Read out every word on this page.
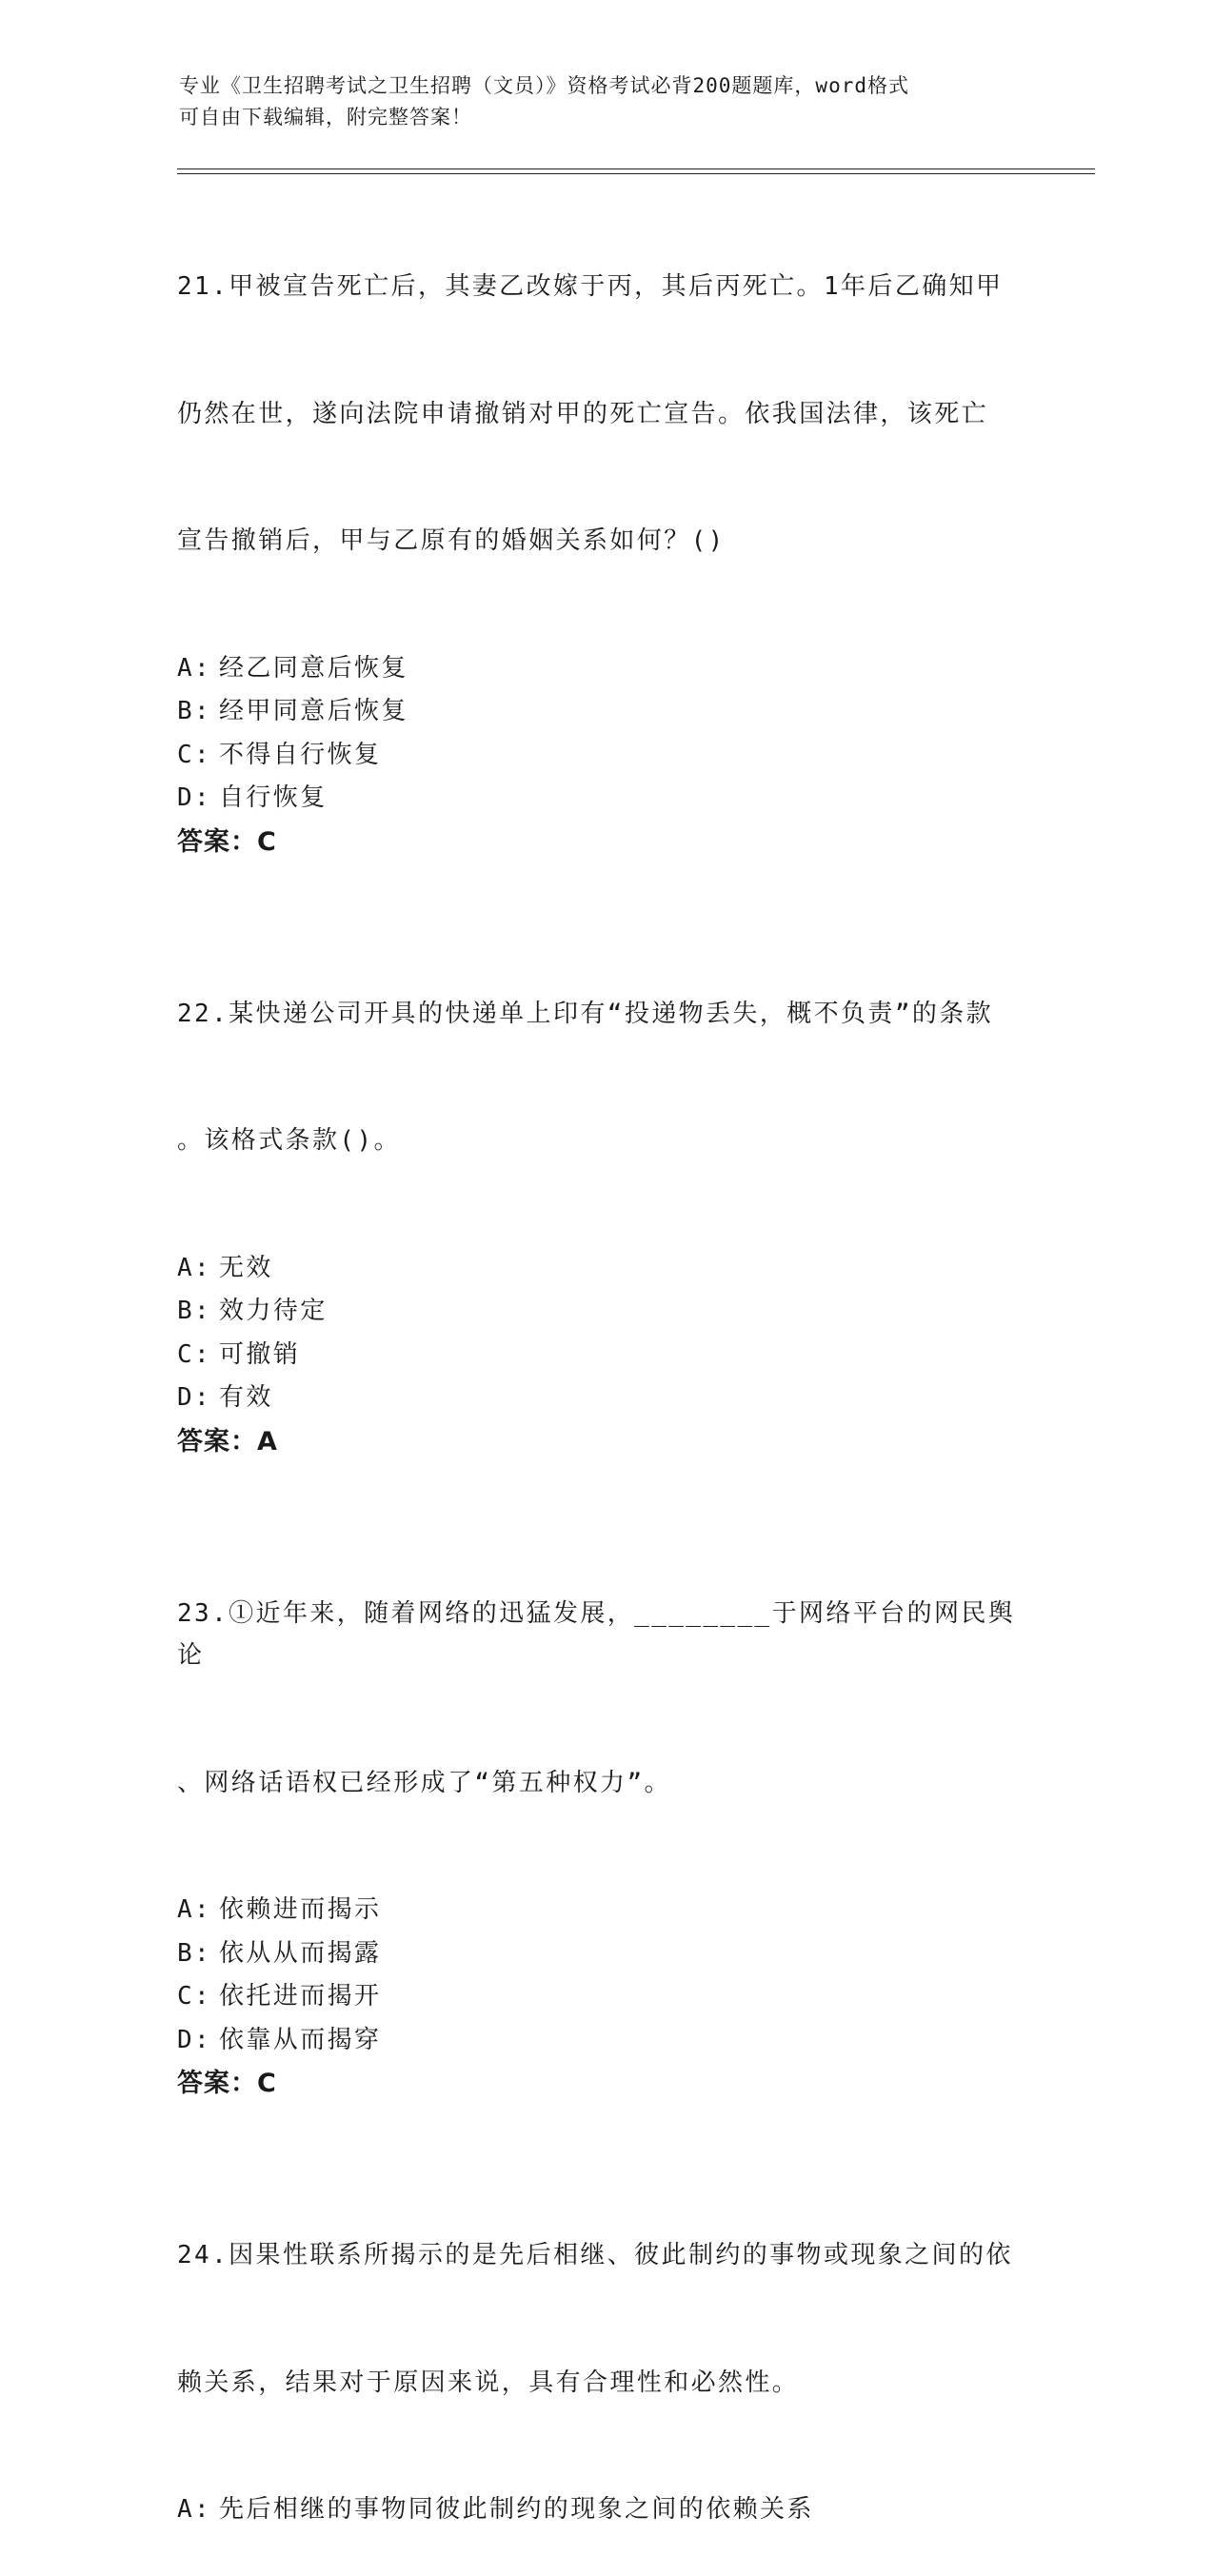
专业《卫生招聘考试之卫生招聘（文员）》资格考试必背200题题库，word格式
可自由下载编辑，附完整答案！

21.甲被宣告死亡后，其妻乙改嫁于丙，其后丙死亡。1年后乙确知甲

仍然在世，遂向法院申请撤销对甲的死亡宣告。依我国法律，该死亡

宣告撤销后，甲与乙原有的婚姻关系如何？()

A: 经乙同意后恢复
B: 经甲同意后恢复
C: 不得自行恢复
D: 自行恢复
答案：C

22.某快递公司开具的快递单上印有“投递物丢失，概不负责”的条款

。该格式条款()。

A: 无效
B: 效力待定
C: 可撤销
D: 有效
答案：A

23.①近年来，随着网络的迅猛发展，________于网络平台的网民舆论

、网络话语权已经形成了“第五种权力”。

A: 依赖进而揭示
B: 依从从而揭露
C: 依托进而揭开
D: 依靠从而揭穿
答案：C

24.因果性联系所揭示的是先后相继、彼此制约的事物或现象之间的依

赖关系，结果对于原因来说，具有合理性和必然性。

A: 先后相继的事物同彼此制约的现象之间的依赖关系
